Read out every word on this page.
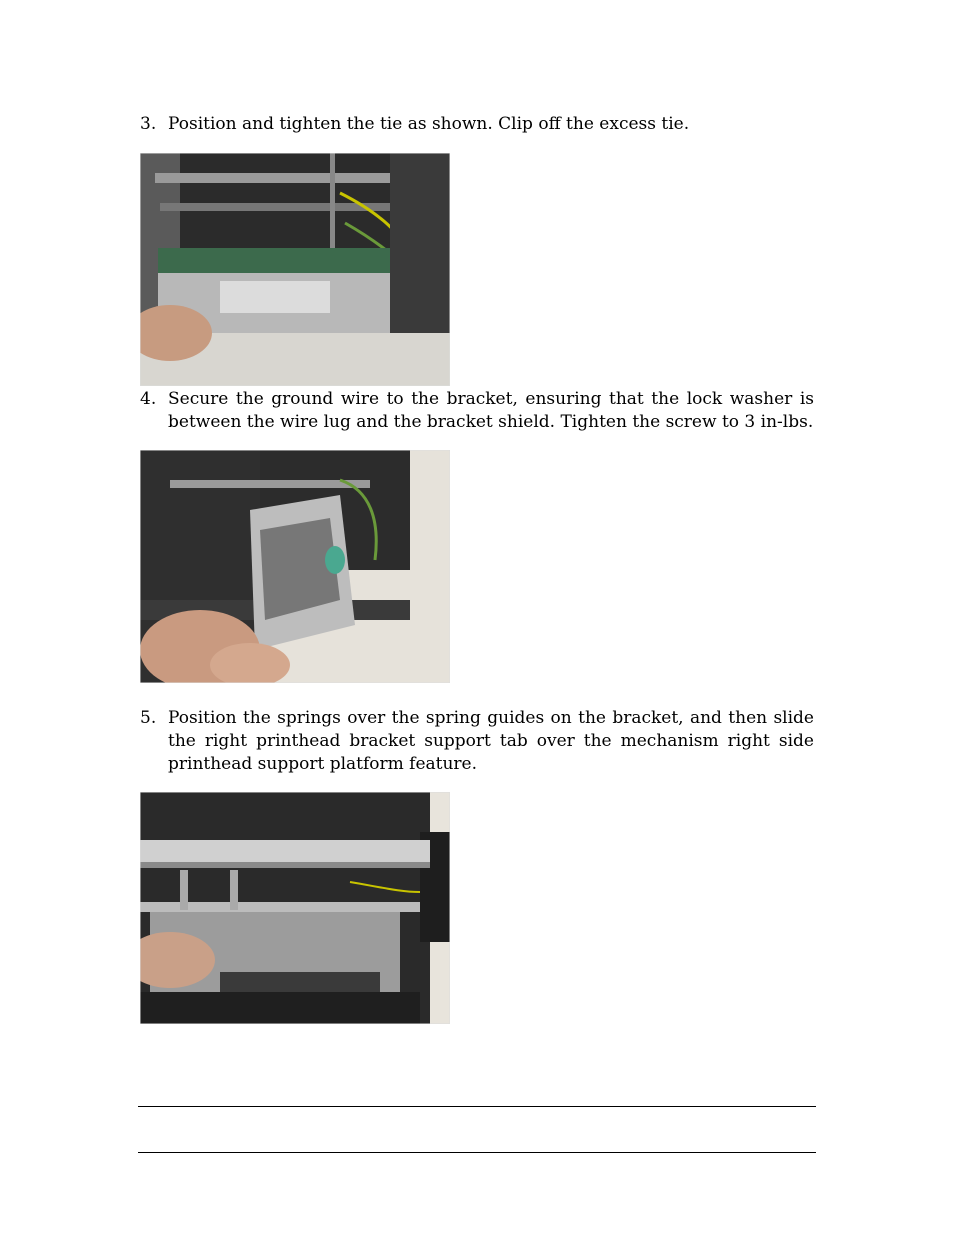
3. Position and tighten the tie as shown. Clip off the excess tie.
4. Secure the ground wire to the bracket, ensuring that the lock washer is between the wire lug and the bracket shield. Tighten the screw to 3 in-lbs.
5. Position the springs over the spring guides on the bracket, and then slide the right printhead bracket support tab over the mechanism right side printhead support platform feature.
